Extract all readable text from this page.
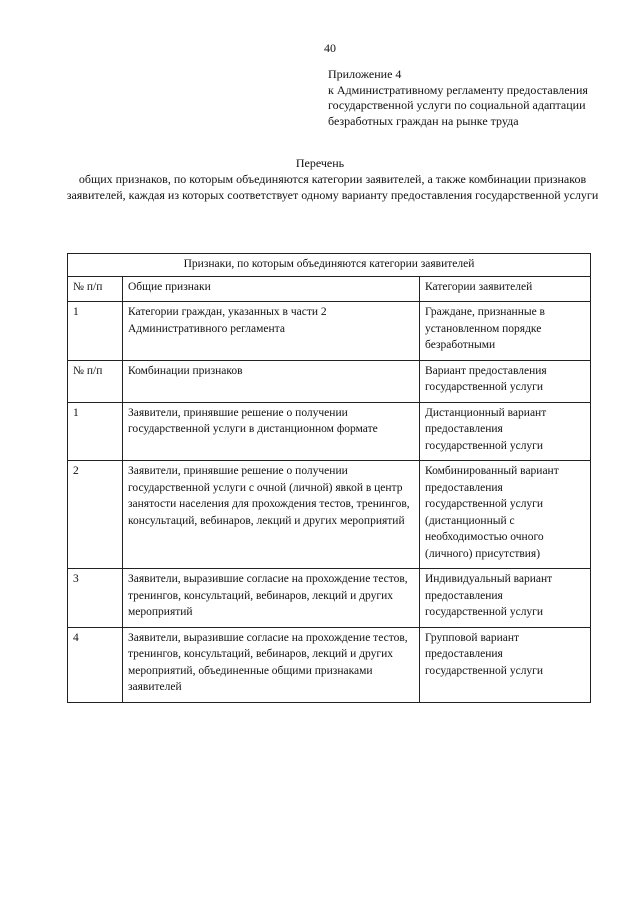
40
Приложение 4
к Административному регламенту предоставления
государственной услуги по социальной адаптации
безработных граждан на рынке труда
Перечень
общих признаков, по которым объединяются категории заявителей, а также комбинации признаков заявителей, каждая из которых соответствует одному варианту предоставления государственной услуги
Признаки, по которым объединяются категории заявителей		
№ п/п	Общие признаки	Категории заявителей
1	Категории граждан, указанных в части 2 Административного регламента	Граждане, признанные в установленном порядке безработными
№ п/п	Комбинации признаков	Вариант предоставления государственной услуги
1	Заявители, принявшие решение о получении государственной услуги в дистанционном формате	Дистанционный вариант предоставления государственной услуги
2	Заявители, принявшие решение о получении государственной услуги с очной (личной) явкой в центр занятости населения для прохождения тестов, тренингов, консультаций, вебинаров, лекций и других мероприятий	Комбинированный вариант предоставления государственной услуги (дистанционный с необходимостью очного (личного) присутствия)
3	Заявители, выразившие согласие на прохождение тестов, тренингов, консультаций, вебинаров, лекций и других мероприятий	Индивидуальный вариант предоставления государственной услуги
4	Заявители, выразившие согласие на прохождение тестов, тренингов, консультаций, вебинаров, лекций и других мероприятий, объединенные общими признаками заявителей	Групповой вариант предоставления государственной услуги
